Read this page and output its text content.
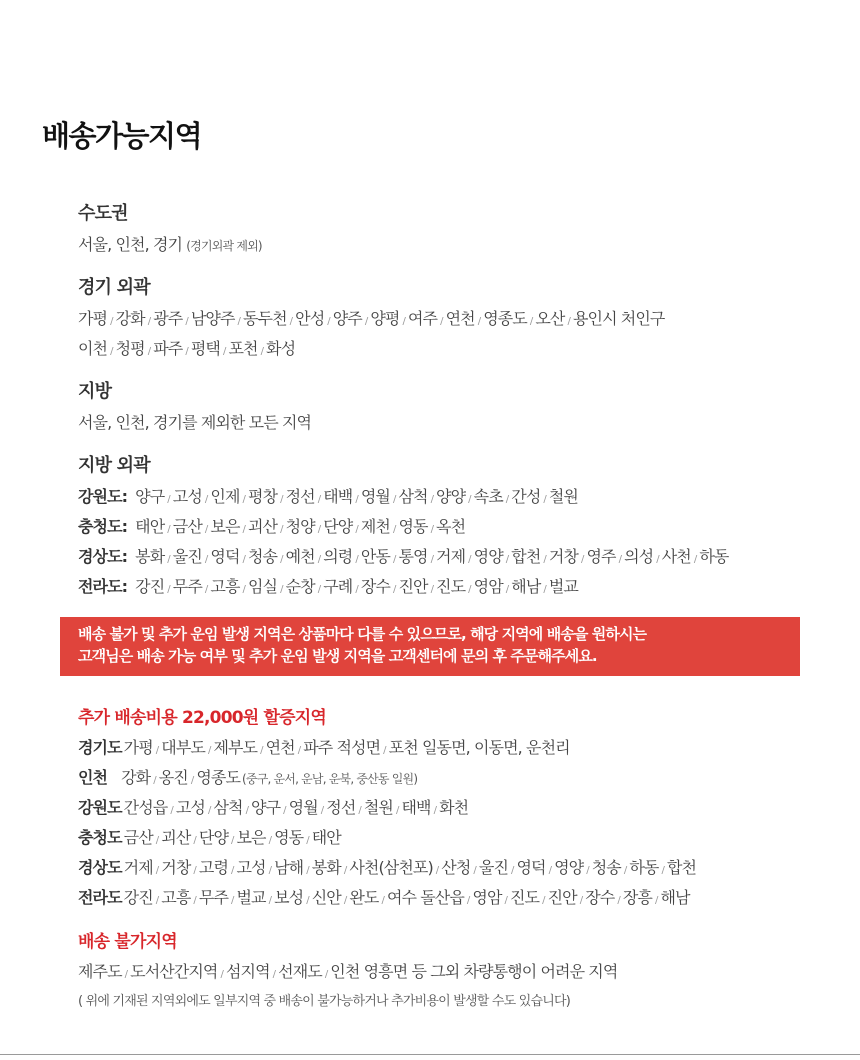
배송가능지역
수도권
서울, 인천, 경기 (경기외곽 제외)
경기 외곽
가평 / 강화 / 광주 / 남양주 / 동두천 / 안성 / 양주 / 양평 / 여주 / 연천 / 영종도 / 오산 / 용인시 처인구
이천 / 청평 / 파주 / 평택 / 포천 / 화성
지방
서울, 인천, 경기를 제외한 모든 지역
지방 외곽
강원도: 양구 / 고성 / 인제 / 평창 / 정선 / 태백 / 영월 / 삼척 / 양양 / 속초 / 간성 / 철원
충청도: 태안 / 금산 / 보은 / 괴산 / 청양 / 단양 / 제천 / 영동 / 옥천
경상도: 봉화 / 울진 / 영덕 / 청송 / 예천 / 의령 / 안동 / 통영 / 거제 / 영양 / 합천 / 거창 / 영주 / 의성 / 사천 / 하동
전라도: 강진 / 무주 / 고흥 / 임실 / 순창 / 구례 / 장수 / 진안 / 진도 / 영암 / 해남 / 벌교
배송 불가 및 추가 운임 발생 지역은 상품마다 다를 수 있으므로, 해당 지역에 배송을 원하시는
고객님은 배송 가능 여부 및 추가 운임 발생 지역을 고객센터에 문의 후 주문해주세요.
추가 배송비용 22,000원 할증지역
경기도 가평 / 대부도 / 제부도 / 연천 / 파주 적성면 / 포천 일동면, 이동면, 운천리
인천 강화 / 옹진 / 영종도 (중구, 운서, 운남, 운북, 중산동 일원)
강원도 간성읍 / 고성 / 삼척 / 양구 / 영월 / 정선 / 철원 / 태백 / 화천
충청도 금산 / 괴산 / 단양 / 보은 / 영동 / 태안
경상도 거제 / 거창 / 고령 / 고성 / 남해 / 봉화 / 사천(삼천포) / 산청 / 울진 / 영덕 / 영양 / 청송 / 하동 / 합천
전라도 강진 / 고흥 / 무주 / 벌교 / 보성 / 신안 / 완도 / 여수 돌산읍 / 영암 / 진도 / 진안 / 장수 / 장흥 / 해남
배송 불가지역
제주도 / 도서산간지역 / 섬지역 / 선재도 / 인천 영흥면 등 그외 차량통행이 어려운 지역
( 위에 기재된 지역외에도 일부지역 중 배송이 불가능하거나 추가비용이 발생할 수도 있습니다)
